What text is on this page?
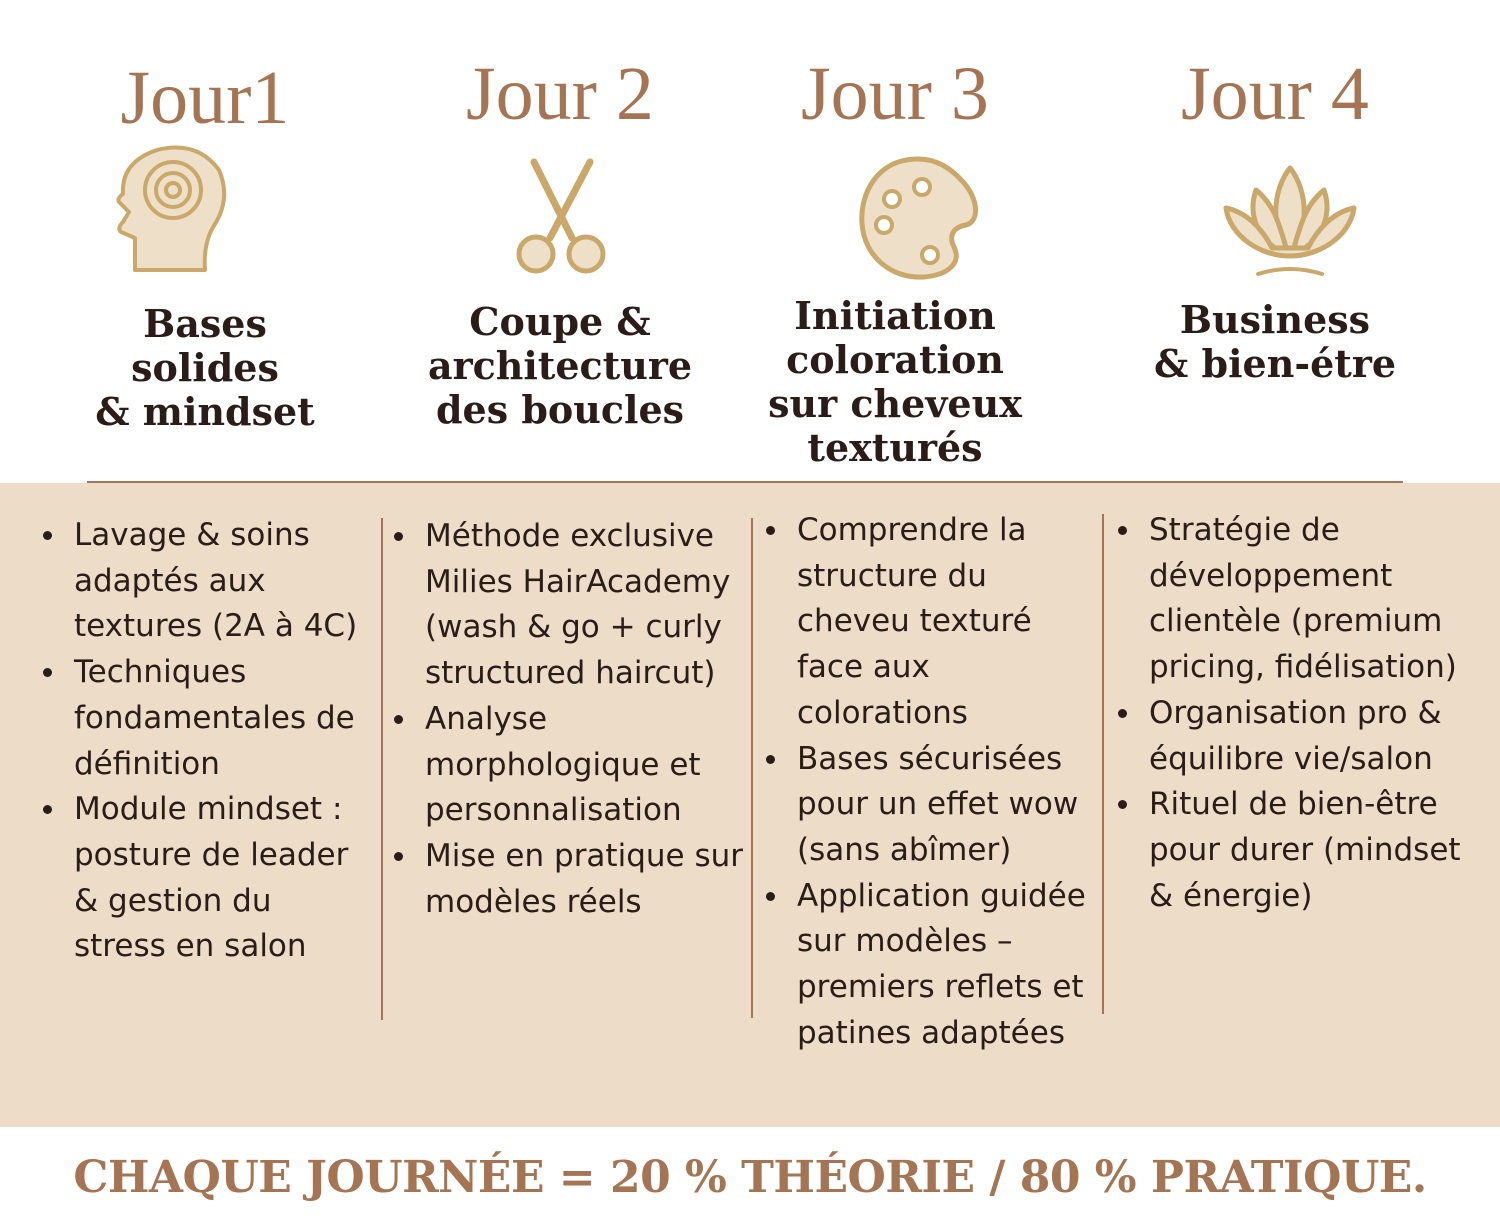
Jour1
Bases
solides
& mindset
Jour 2
Coupe &
architecture
des boucles
Jour 3
Initiation
coloration
sur cheveux
texturés
Jour 4
Business
& bien-étre
Lavage & soins adaptés aux textures (2A à 4C)
Techniques fondamentales de définition
Module mindset : posture de leader & gestion du stress en salon
Méthode exclusive Milies HairAcademy (wash & go + curly structured haircut)
Analyse morphologique et personnalisation
Mise en pratique sur modèles réels
Comprendre la structure du cheveu texturé face aux colorations
Bases sécurisées pour un effet wow (sans abîmer)
Application guidée sur modèles – premiers reflets et patines adaptées
Stratégie de développement clientèle (premium pricing, fidélisation)
Organisation pro & équilibre vie/salon
Rituel de bien-être pour durer (mindset & énergie)
CHAQUE JOURNÉE = 20 % THÉORIE / 80 % PRATIQUE.
